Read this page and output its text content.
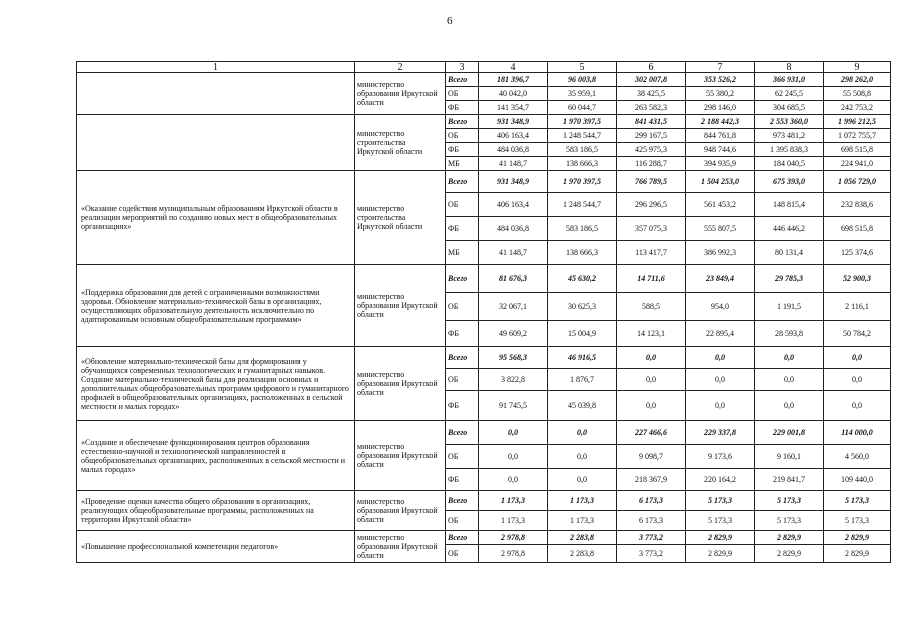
6
1	2	3	4	5	6	7	8	9
	министерство образования Иркутской области	Всего	181 396,7	96 003,8	302 007,8	353 526,2	366 931,0	298 262,0
		ОБ	40 042,0	35 959,1	38 425,5	55 380,2	62 245,5	55 508,8
		ФБ	141 354,7	60 044,7	263 582,3	298 146,0	304 685,5	242 753,2
	министерство строительства Иркутской области	Всего	931 348,9	1 970 397,5	841 431,5	2 188 442,3	2 553 360,0	1 996 212,5
		ОБ	406 163,4	1 248 544,7	299 167,5	844 761,8	973 481,2	1 072 755,7
		ФБ	484 036,8	583 186,5	425 975,3	948 744,6	1 395 838,3	698 515,8
		МБ	41 148,7	138 666,3	116 288,7	394 935,9	184 040,5	224 941,0
«Оказание содействия муниципальным образованиям Иркутской области в реализации мероприятий по созданию новых мест в общеобразовательных организациях»	министерство строительства Иркутской области	Всего	931 348,9	1 970 397,5	766 789,5	1 504 253,0	675 393,0	1 056 729,0
		ОБ	406 163,4	1 248 544,7	296 296,5	561 453,2	148 815,4	232 838,6
		ФБ	484 036,8	583 186,5	357 075,3	555 807,5	446 446,2	698 515,8
		МБ	41 148,7	138 666,3	113 417,7	386 992,3	80 131,4	125 374,6
«Поддержка образования для детей с ограниченными возможностями здоровья. Обновление материально-технической базы в организациях, осуществляющих образовательную деятельность исключительно по адаптированным основным общеобразовательным программам»	министерство образования Иркутской области	Всего	81 676,3	45 630,2	14 711,6	23 849,4	29 785,3	52 900,3
		ОБ	32 067,1	30 625,3	588,5	954,0	1 191,5	2 116,1
		ФБ	49 609,2	15 004,9	14 123,1	22 895,4	28 593,8	50 784,2
«Обновление материально-технической базы для формирования у обучающихся современных технологических и гуманитарных навыков. Создание материально-технической базы для реализации основных и дополнительных общеобразовательных программ цифрового и гуманитарного профилей в общеобразовательных организациях, расположенных в сельской местности и малых городах»	министерство образования Иркутской области	Всего	95 568,3	46 916,5	0,0	0,0	0,0	0,0
		ОБ	3 822,8	1 876,7	0,0	0,0	0,0	0,0
		ФБ	91 745,5	45 039,8	0,0	0,0	0,0	0,0
«Создание и обеспечение функционирования центров образования естественно-научной и технологической направленностей в общеобразовательных организациях, расположенных в сельской местности и малых городах»	министерство образования Иркутской области	Всего	0,0	0,0	227 466,6	229 337,8	229 001,8	114 000,0
		ОБ	0,0	0,0	9 098,7	9 173,6	9 160,1	4 560,0
		ФБ	0,0	0,0	218 367,9	220 164,2	219 841,7	109 440,0
«Проведение оценки качества общего образования в организациях, реализующих общеобразовательные программы, расположенных на территории Иркутской области»	министерство образования Иркутской области	Всего	1 173,3	1 173,3	6 173,3	5 173,3	5 173,3	5 173,3
		ОБ	1 173,3	1 173,3	6 173,3	5 173,3	5 173,3	5 173,3
«Повышение профессиональной компетенции педагогов»	министерство образования Иркутской области	Всего	2 978,8	2 283,8	3 773,2	2 829,9	2 829,9	2 829,9
		ОБ	2 978,8	2 283,8	3 773,2	2 829,9	2 829,9	2 829,9
